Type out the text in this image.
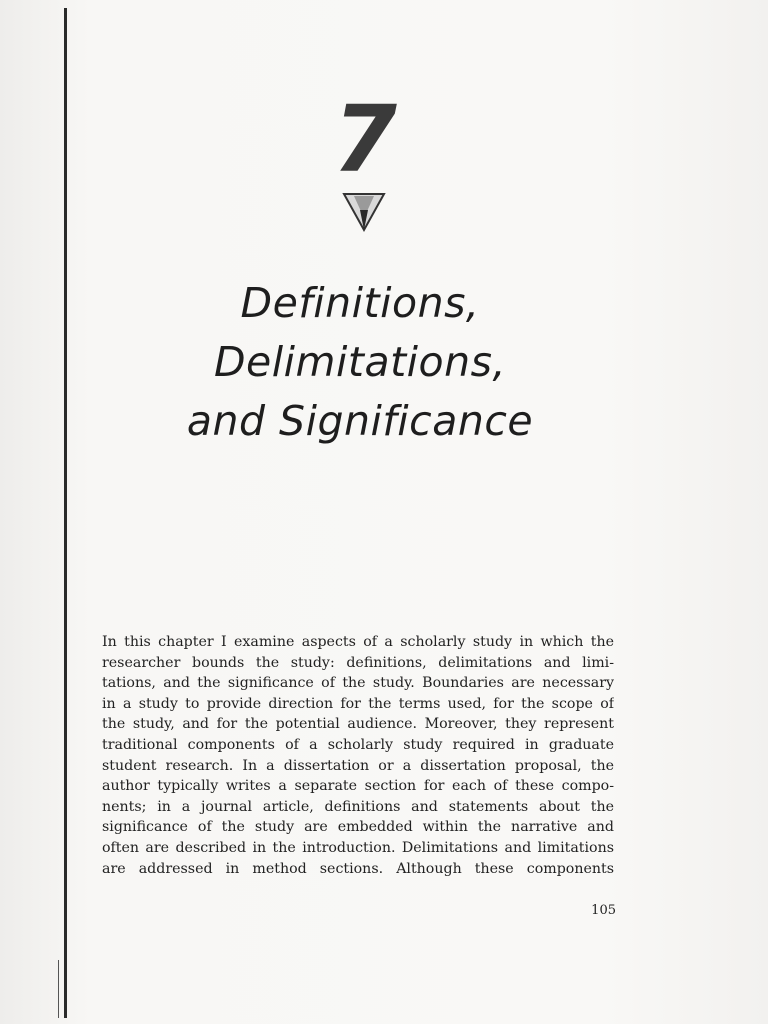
7
Definitions,
Delimitations,
and Significance
In this chapter I examine aspects of a scholarly study in which the
researcher bounds the study: definitions, delimitations and limi-
tations, and the significance of the study. Boundaries are necessary
in a study to provide direction for the terms used, for the scope of
the study, and for the potential audience. Moreover, they represent
traditional components of a scholarly study required in graduate
student research. In a dissertation or a dissertation proposal, the
author typically writes a separate section for each of these compo-
nents; in a journal article, definitions and statements about the
significance of the study are embedded within the narrative and
often are described in the introduction. Delimitations and limitations
are addressed in method sections. Although these components
105
